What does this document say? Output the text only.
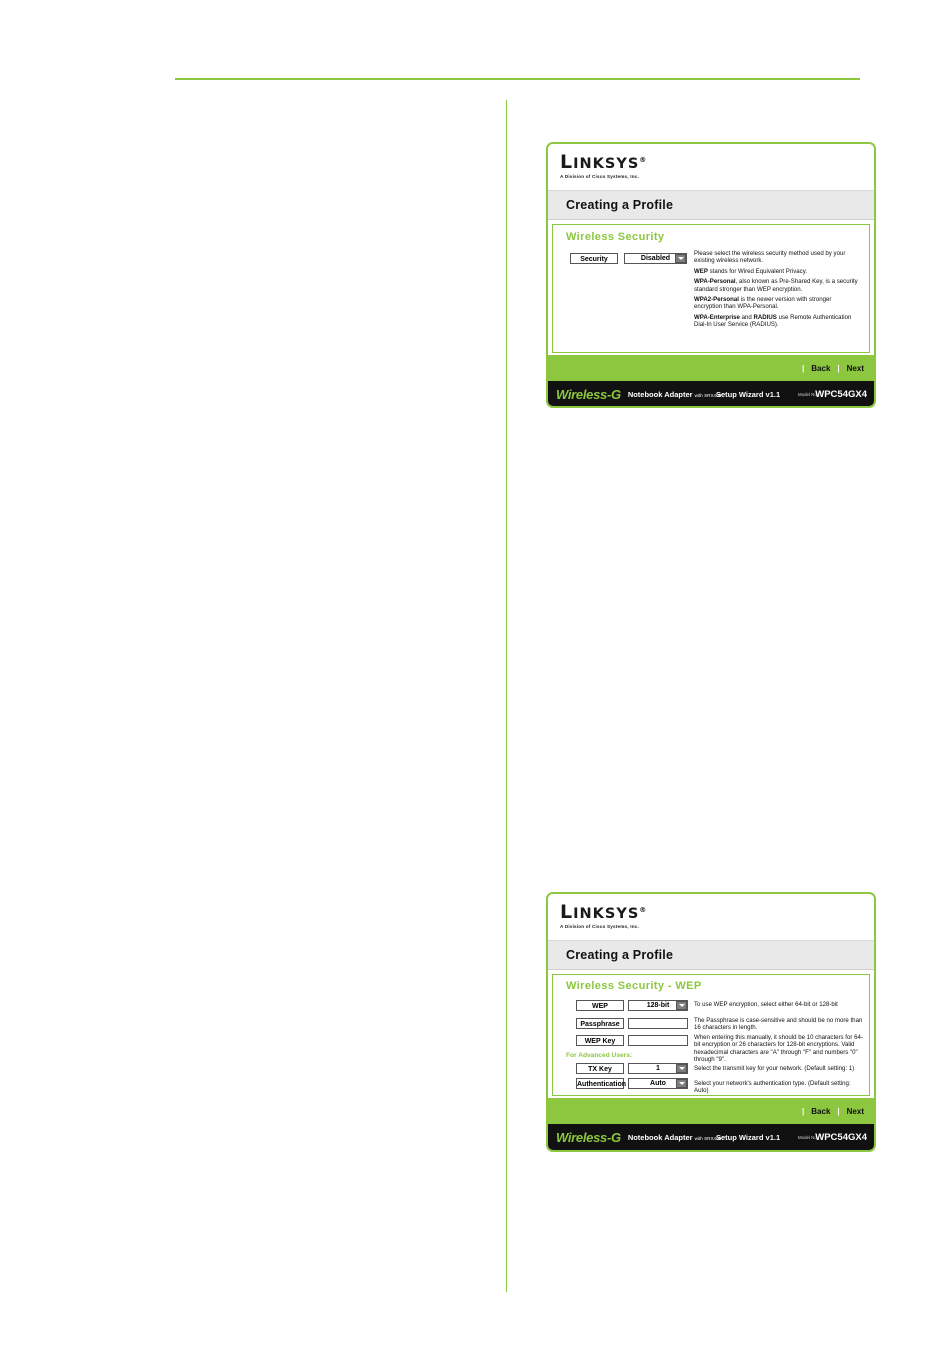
LINKSYS®
A Division of Cisco Systems, Inc.
Creating a Profile
Wireless Security
Security	Disabled

Please select the wireless security method used by your existing wireless network.

WEP stands for Wired Equivalent Privacy.

WPA-Personal, also known as Pre-Shared Key, is a security standard stronger than WEP encryption.

WPA2-Personal is the newer version with stronger encryption than WPA-Personal.

WPA-Enterprise and RADIUS use Remote Authentication Dial-In User Service (RADIUS).

| Back | Next
Wireless-G Notebook Adapter with SRX400
Setup Wizard v1.1	Model No.
WPC54GX4
LINKSYS®
A Division of Cisco Systems, Inc.
Creating a Profile
Wireless Security - WEP
WEP	128-bit
Passphrase
WEP Key
For Advanced Users:
TX Key	1
Authentication	Auto
To use WEP encryption, select either 64-bit or 128-bit
The Passphrase is case-sensitive and should be no more than 16 characters in length.
When entering this manually, it should be 10 characters for 64-bit encryption or 26 characters for 128-bit encryptions. Valid hexadecimal characters are "A" through "F" and numbers "0" through "9".
Select the transmit key for your network. (Default setting: 1)
Select your network's authentication type. (Default setting: Auto)
| Back | Next
Wireless-G Notebook Adapter with SRX400
Setup Wizard v1.1	Model No.
WPC54GX4
